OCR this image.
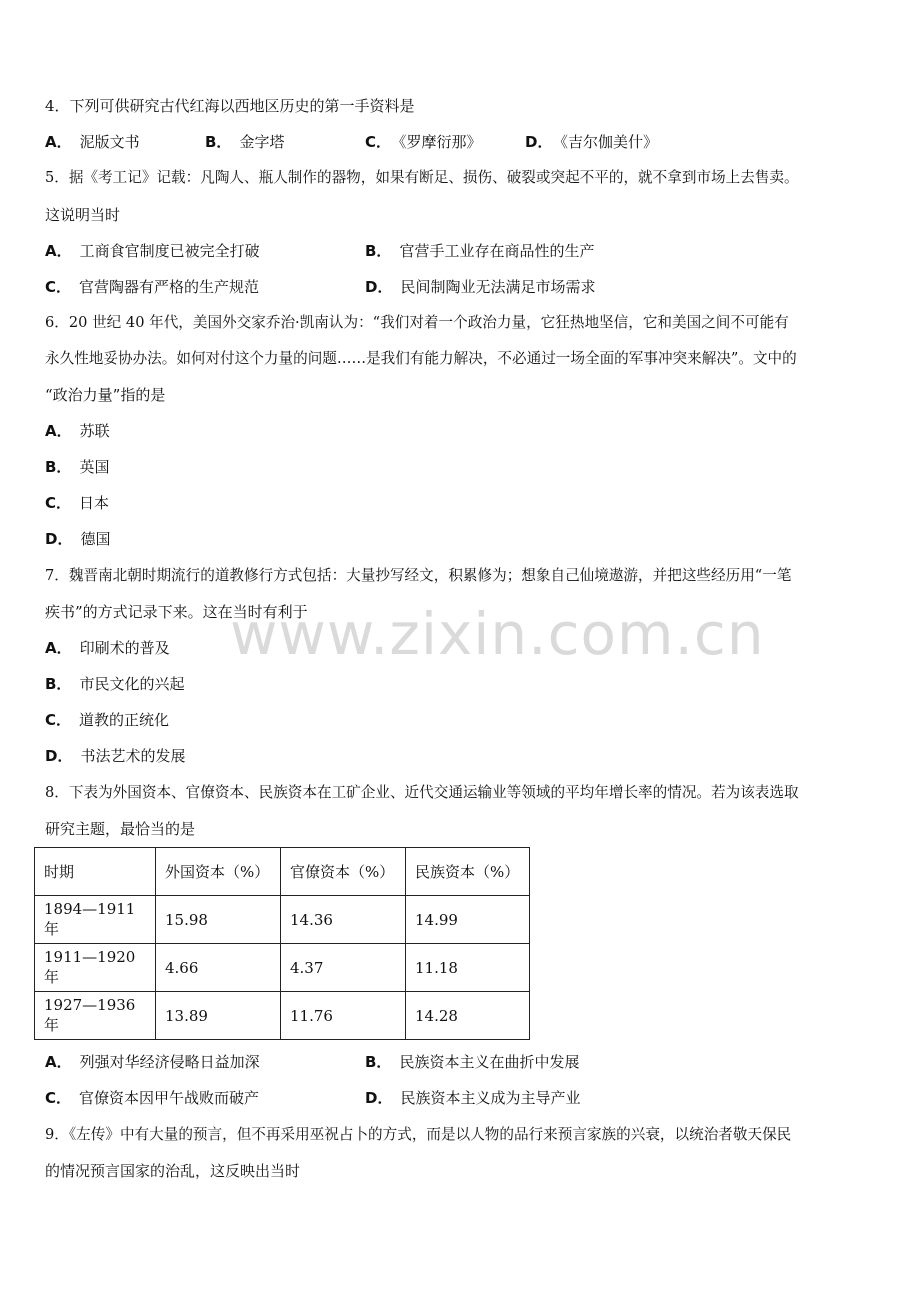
www.zixin.com.cn
4．下列可供研究古代红海以西地区历史的第一手资料是
A． 泥版文书	B． 金字塔	C． 《罗摩衍那》	D． 《吉尔伽美什》
5．据《考工记》记载：凡陶人、瓶人制作的器物，如果有断足、损伤、破裂或突起不平的，就不拿到市场上去售卖。
这说明当时
A． 工商食官制度已被完全打破	B． 官营手工业存在商品性的生产
C． 官营陶器有严格的生产规范	D． 民间制陶业无法满足市场需求
6．20 世纪 40 年代，美国外交家乔治·凯南认为：“我们对着一个政治力量，它狂热地坚信，它和美国之间不可能有
永久性地妥协办法。如何对付这个力量的问题……是我们有能力解决，不必通过一场全面的军事冲突来解决”。文中的
“政治力量”指的是
A． 苏联
B． 英国
C． 日本
D． 德国
7．魏晋南北朝时期流行的道教修行方式包括：大量抄写经文，积累修为；想象自己仙境遨游，并把这些经历用“一笔
疾书”的方式记录下来。这在当时有利于
A． 印刷术的普及
B． 市民文化的兴起
C． 道教的正统化
D． 书法艺术的发展
8．下表为外国资本、官僚资本、民族资本在工矿企业、近代交通运输业等领域的平均年增长率的情况。若为该表选取
研究主题，最恰当的是
时期	外国资本（%）	官僚资本（%）	民族资本（%）
1894—1911 年	15.98	14.36	14.99
1911—1920 年	4.66	4.37	11.18
1927—1936 年	13.89	11.76	14.28
A． 列强对华经济侵略日益加深	B． 民族资本主义在曲折中发展
C． 官僚资本因甲午战败而破产	D． 民族资本主义成为主导产业
9．《左传》中有大量的预言，但不再采用巫祝占卜的方式，而是以人物的品行来预言家族的兴衰，以统治者敬天保民
的情况预言国家的治乱，这反映出当时
